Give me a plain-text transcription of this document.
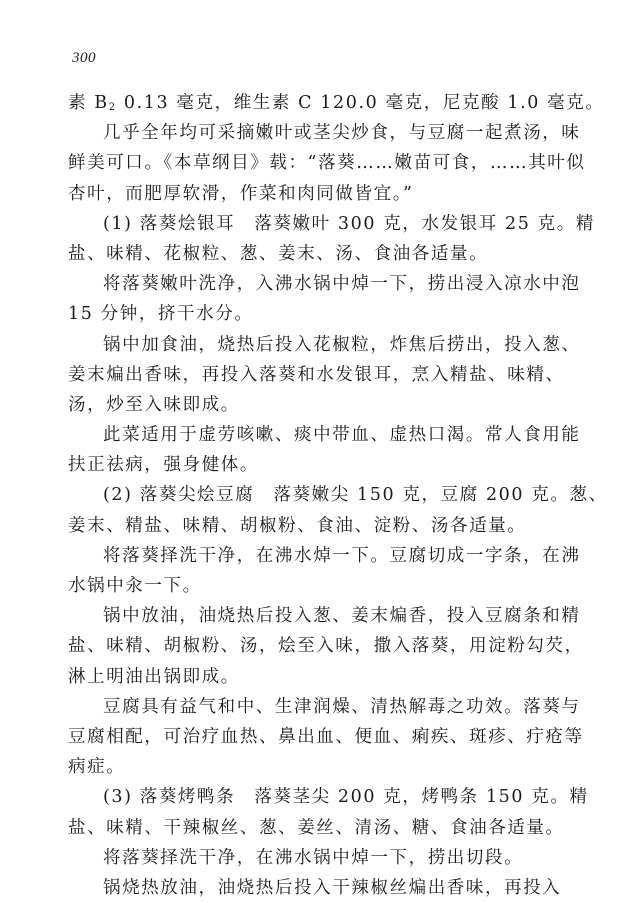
300
素 $B_2$ 0.13 毫克，维生素 C 120.0 毫克，尼克酸 1.0 毫克。
几乎全年均可采摘嫩叶或茎尖炒食，与豆腐一起煮汤，味
鲜美可口。《本草纲目》载：“落葵……嫩苗可食，……其叶似
杏叶，而肥厚软滑，作菜和肉同做皆宜。”
(1) 落葵烩银耳　落葵嫩叶 300 克，水发银耳 25 克。精
盐、味精、花椒粒、葱、姜末、汤、食油各适量。
将落葵嫩叶洗净，入沸水锅中焯一下，捞出浸入凉水中泡
15 分钟，挤干水分。
锅中加食油，烧热后投入花椒粒，炸焦后捞出，投入葱、
姜末煸出香味，再投入落葵和水发银耳，烹入精盐、味精、
汤，炒至入味即成。
此菜适用于虚劳咳嗽、痰中带血、虚热口渴。常人食用能
扶正祛病，强身健体。
(2) 落葵尖烩豆腐　落葵嫩尖 150 克，豆腐 200 克。葱、
姜末、精盐、味精、胡椒粉、食油、淀粉、汤各适量。
将落葵择洗干净，在沸水焯一下。豆腐切成一字条，在沸
水锅中汆一下。
锅中放油，油烧热后投入葱、姜末煸香，投入豆腐条和精
盐、味精、胡椒粉、汤，烩至入味，撒入落葵，用淀粉勾芡，
淋上明油出锅即成。
豆腐具有益气和中、生津润燥、清热解毒之功效。落葵与
豆腐相配，可治疗血热、鼻出血、便血、痢疾、斑疹、疔疮等
病症。
(3) 落葵烤鸭条　落葵茎尖 200 克，烤鸭条 150 克。精
盐、味精、干辣椒丝、葱、姜丝、清汤、糖、食油各适量。
将落葵择洗干净，在沸水锅中焯一下，捞出切段。
锅烧热放油，油烧热后投入干辣椒丝煸出香味，再投入
